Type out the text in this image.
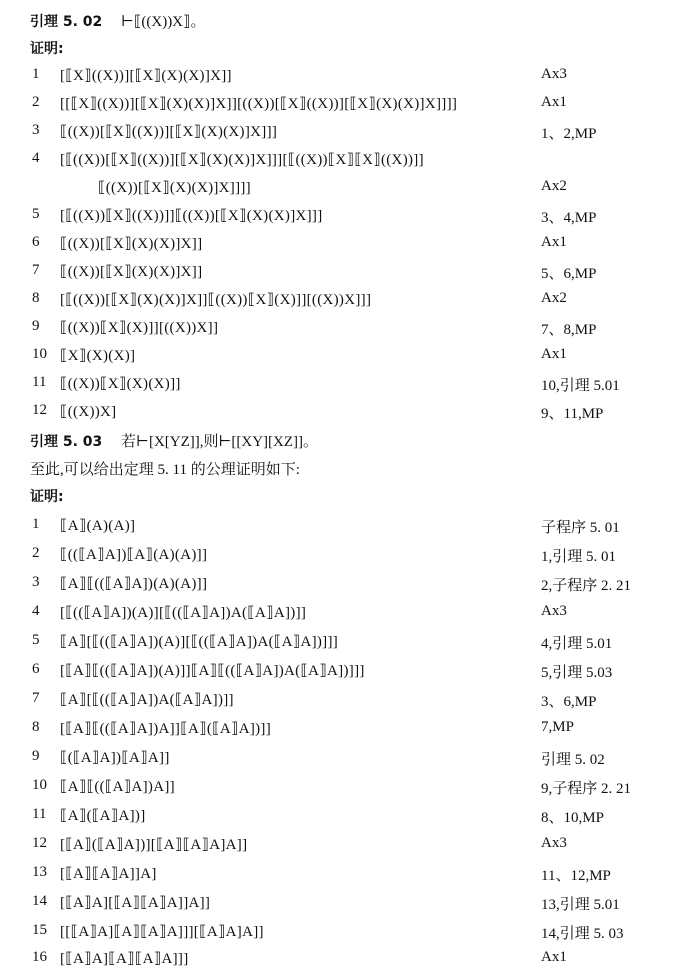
引理 5. 02 ⊢⟦((X))X⟧。
证明:
1	[⟦X⟧((X))][⟦X⟧(X)(X)]X]]	Ax3
2	[[⟦X⟧((X))][⟦X⟧(X)(X)]X]][((X))[⟦X⟧((X))][⟦X⟧(X)(X)]X]]]]	Ax1
3	⟦((X))[⟦X⟧((X))][⟦X⟧(X)(X)]X]]]	1、2,MP
4	[⟦((X))[⟦X⟧((X))][⟦X⟧(X)(X)]X]]][⟦((X))⟦X⟧⟦X⟧((X))]]
⟦((X))[⟦X⟧(X)(X)]X]]]]	Ax2
5	[⟦((X))⟦X⟧((X))]]⟦((X))[⟦X⟧(X)(X)]X]]]	3、4,MP
6	⟦((X))[⟦X⟧(X)(X)]X]]	Ax1
7	⟦((X))[⟦X⟧(X)(X)]X]]	5、6,MP
8	[⟦((X))[⟦X⟧(X)(X)]X]]⟦((X))⟦X⟧(X)]][((X))X]]]	Ax2
9	⟦((X))⟦X⟧(X)]][((X))X]]	7、8,MP
10 ⟦X⟧(X)(X)]	Ax1
11 ⟦((X))⟦X⟧(X)(X)]]	10,引理 5.01
12 ⟦((X))X]	9、11,MP
引理 5. 03 若⊢[X[YZ]],则⊢[[XY][XZ]]。
至此,可以给出定理 5. 11 的公理证明如下:
证明:
1	⟦A⟧(A)(A)]	子程序 5. 01
2	⟦((⟦A⟧A])⟦A⟧(A)(A)]]	1,引理 5. 01
3	⟦A⟧⟦((⟦A⟧A])(A)(A)]]	2,子程序 2. 21
4	[⟦((⟦A⟧A])(A)][⟦((⟦A⟧A])A(⟦A⟧A])]]	Ax3
5	⟦A⟧[⟦((⟦A⟧A])(A)][⟦((⟦A⟧A])A(⟦A⟧A])]]]	4,引理 5.01
6	[⟦A⟧⟦((⟦A⟧A])(A)]]⟦A⟧⟦((⟦A⟧A])A(⟦A⟧A])]]]	5,引理 5.03
7	⟦A⟧[⟦((⟦A⟧A])A(⟦A⟧A])]]	3、6,MP
8	[⟦A⟧⟦((⟦A⟧A])A]]⟦A⟧(⟦A⟧A])]]	7,MP
9	⟦(⟦A⟧A])⟦A⟧A]]	引理 5. 02
10 ⟦A⟧⟦((⟦A⟧A])A]]	9,子程序 2. 21
11 ⟦A⟧(⟦A⟧A])]	8、10,MP
12 [⟦A⟧(⟦A⟧A])][⟦A⟧⟦A⟧A]A]]	Ax3
13 [⟦A⟧⟦A⟧A]]A]	11、12,MP
14 [⟦A⟧A][⟦A⟧⟦A⟧A]]A]]	13,引理 5.01
15 [[⟦A⟧A]⟦A⟧⟦A⟧A]]][⟦A⟧A]A]]	14,引理 5. 03
16 [⟦A⟧A]⟦A⟧⟦A⟧A]]]	Ax1
